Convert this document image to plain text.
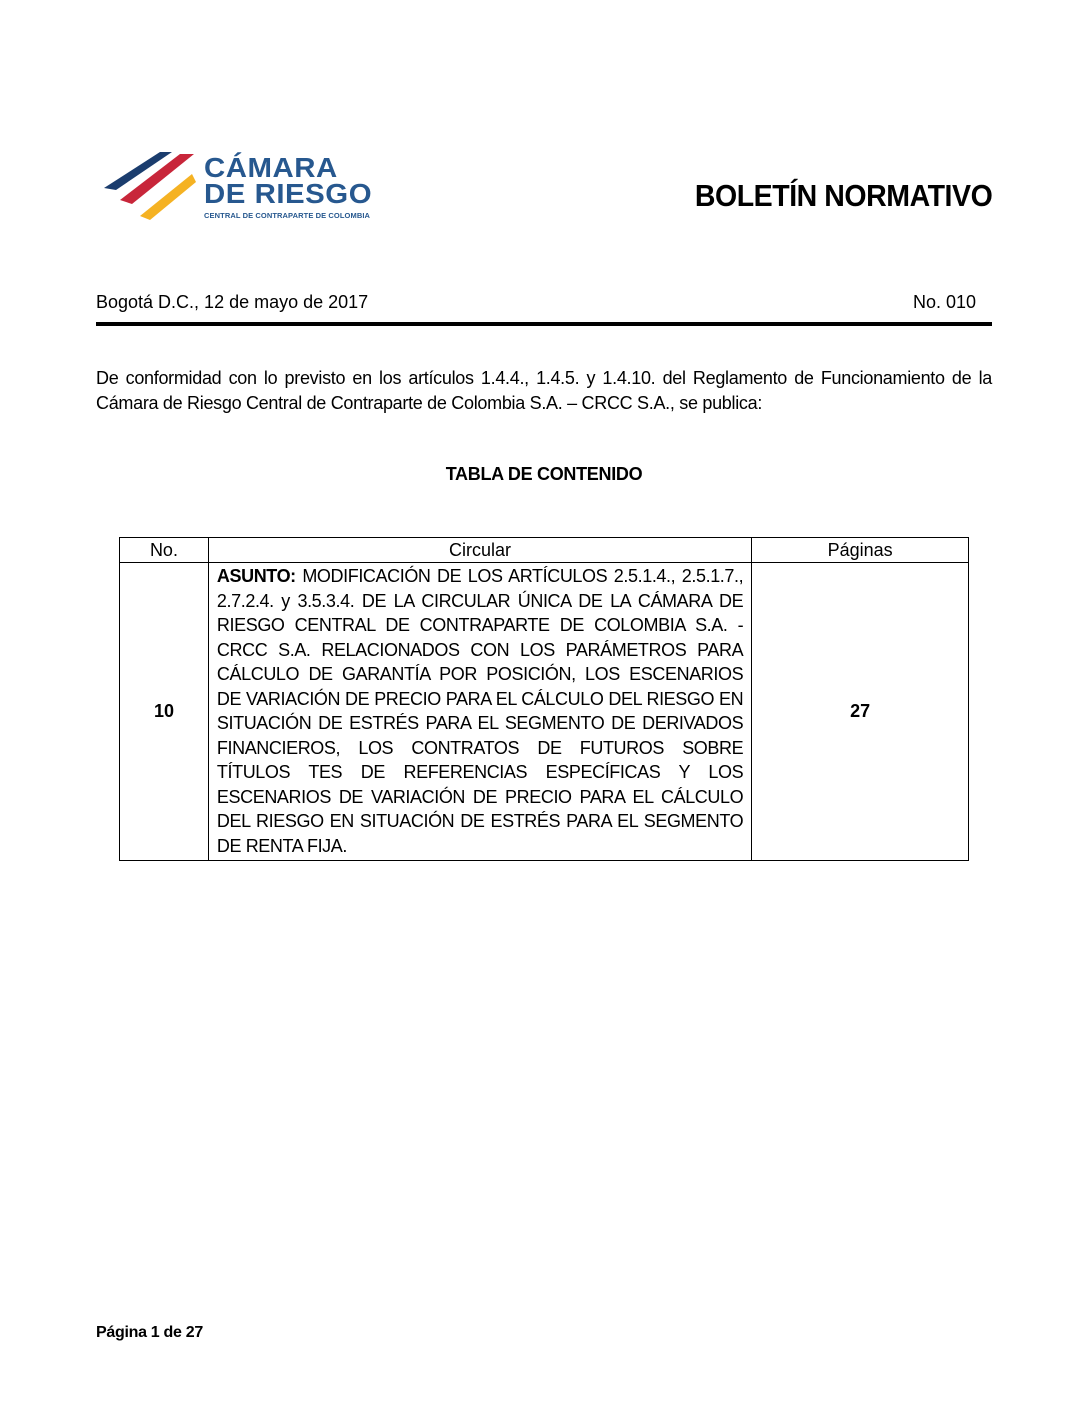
CÁMARA
DE RIESGO
CENTRAL DE CONTRAPARTE DE COLOMBIA
BOLETÍN NORMATIVO
Bogotá D.C., 12 de mayo de 2017	No. 010
De conformidad con lo previsto en los artículos 1.4.4., 1.4.5. y 1.4.10. del Reglamento de Funcionamiento de la Cámara de Riesgo Central de Contraparte de Colombia S.A. – CRCC S.A., se publica:
TABLA DE CONTENIDO
No.	Circular	Páginas
10	ASUNTO: MODIFICACIÓN DE LOS ARTÍCULOS 2.5.1.4., 2.5.1.7., 2.7.2.4. y 3.5.3.4. DE LA CIRCULAR ÚNICA DE LA CÁMARA DE RIESGO CENTRAL DE CONTRAPARTE DE COLOMBIA S.A. - CRCC S.A. RELACIONADOS CON LOS PARÁMETROS PARA CÁLCULO DE GARANTÍA POR POSICIÓN, LOS ESCENARIOS DE VARIACIÓN DE PRECIO PARA EL CÁLCULO DEL RIESGO EN SITUACIÓN DE ESTRÉS PARA EL SEGMENTO DE DERIVADOS FINANCIEROS, LOS CONTRATOS DE FUTUROS SOBRE TÍTULOS TES DE REFERENCIAS ESPECÍFICAS Y LOS ESCENARIOS DE VARIACIÓN DE PRECIO PARA EL CÁLCULO DEL RIESGO EN SITUACIÓN DE ESTRÉS PARA EL SEGMENTO DE RENTA FIJA.	27
Página 1 de 27
